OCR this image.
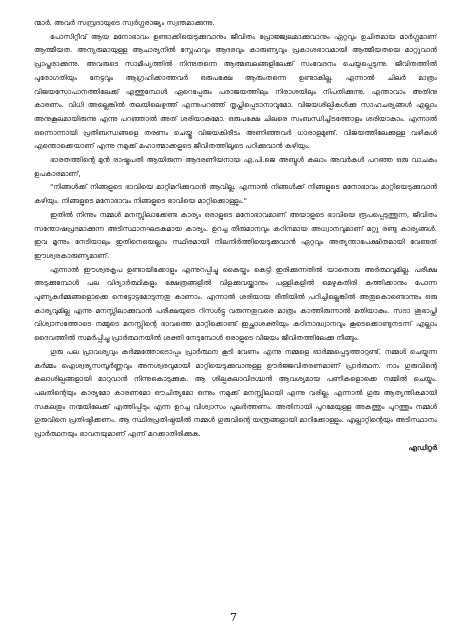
ന്മാർ. അവർ സമ്പ്രദായുടെ സ്വർഗ്ഗരാജ്യം സ്വന്തമാക്കുന്നു.

പോസിറ്റീവ് ആയ മനോഭാവം ഉണ്ടാക്കിയെടുക്കുവാനും ജീവിതം പ്രോജ്ജ്വലമാക്കുവാനും ഏറ്റവും ഉചിതമായ മാർഗ്ഗമാണ് ആത്മീയത. അന്യരുമായുള്ള ആചാര്യനിൽ സ്നേഹവും ആദരവും കാരുണ്യവും പ്രകാശഭാവമായി ആത്മീയതയെ മാറ്റുവാൻ പ്രാപ്തരാക്കുന്നു. അവരുടെ സാമീപ്യത്തിൽ നിന്നുതന്നെ ആത്മബലങ്ങളിലേക്ക് സംവേദനം ചെയ്യപ്പെടുന്നു. ജീവിതത്തിൽ പുരോഗതിയും നേട്ടവും ആഗ്രഹിക്കാത്തവർ ഒരുപക്ഷേ ആരുംതന്നെ ഉണ്ടാകില്ല. എന്നാൽ ചിലർ മാത്രം വിജയസോപാനത്തിലേക്ക് എത്തുമ്പോൾ ഏറെപ്പേരും പരാജയത്തിലും നിരാശയിലും നിപതിക്കുന്നു. എന്താവാം അതിനു കാരണം. വിധി അല്ലെങ്കിൽ തലയിലെഴുത്ത് എന്നുപറഞ്ഞ് തൃപ്തിപ്പെടാനാവുമോ. വിജയശില്പികൾക്കു സാഹചര്യങ്ങൾ എല്ലാം അനുകൂലമായിരുന്നു എന്നു പറഞ്ഞാൽ അത് ശരിയാകുമോ. ഒരുപക്ഷേ ചിലരെ സംബന്ധിച്ചിടത്തോളം ശരിയാകാം. എന്നാൽ ഒന്നൊന്നായി പ്രതിബന്ധങ്ങളെ തരണം ചെയ്തു വിജയകിരീടം അണിഞ്ഞവർ ധാരാളമുണ്ട്. വിജയത്തിലേക്കുള്ള വഴികൾ എന്തൊക്കെയാണ് എന്നു നമുക്ക് മഹാത്മാക്കളുടെ ജീവിതത്തിലൂടെ പഠിക്കുവാൻ കഴിയും.

ഭാരതത്തിന്റെ മുൻ രാഷ്ട്രപതി ആയിരുന്ന ആദരണീയനായ എ.പി.ജെ അബ്ദുൾ കലാം അവർകൾ പറഞ്ഞ ഒരു വാചകം ഉപകാരമാണ്,

"നിങ്ങൾക്ക് നിങ്ങളുടെ ഭാവിയെ മാറ്റിമറിക്കുവാൻ ആവില്ല. എന്നാൽ നിങ്ങൾക്ക് നിങ്ങളുടെ മനോഭാവം മാറ്റിയെടുക്കുവാൻ കഴിയും. നിങ്ങളുടെ മനോഭാവം നിങ്ങളുടെ ഭാവിയെ മാറ്റിക്കൊള്ളും."

ഇതിൽ നിന്നും നമ്മൾ മനസ്സിലാക്കേണ്ട കാര്യം ഒരാളുടെ മനോഭാവമാണ് അയാളുടെ ഭാവിയെ രൂപപ്പെടുത്തുന്ന, ജീവിതം സന്തോഷപ്രദമാക്കുന്ന അടിസ്ഥാനഘടകമായ കാര്യം. ഉറച്ച തീരുമാനവും കഠിനമായ അധ്വാനവുമാണ് മറ്റു രണ്ടു കാര്യങ്ങൾ. ഇവ മൂന്നും നേടിയാലും ഇതിനെയെല്ലാം സ്ഥിരമായി നിലനിർത്തിയെടുക്കുവാൻ ഏറ്റവും അത്യന്താപേക്ഷിതമായി വേണ്ടത് ഈശ്വരകാരുണ്യമാണ്.

എന്നാൽ ഈശ്വരകൃപ ഉണ്ടായിക്കോളും എന്നുറപ്പിച്ചു കൈയ്യും കെട്ടി ഇരിക്കുന്നതിൽ യാതൊരു അർത്ഥവുമില്ല. പരീക്ഷ അടുക്കുമ്പോൾ പല വിദ്യാർത്ഥികളും ക്ഷേത്രങ്ങളിൽ വിളക്കുവയ്ക്കാനും പള്ളികളിൽ മെഴുകുതിരി കത്തിക്കാനും പോന്ന പുണ്യകർമ്മങ്ങളൊക്കെ നെട്ടോട്ടമോടുന്നതു കാണാം. എന്നാൽ ശരിയായ രീതിയിൽ പഠിച്ചില്ലെങ്കിൽ അതുകൊണ്ടൊന്നും ഒരു കാര്യവുമില്ല എന്നു മനസ്സിലാക്കുവാൻ പരീക്ഷയുടെ റിസൾട്ടു വരുന്നതുവരെ മാത്രം കാത്തിരുന്നാൽ മതിയാകും. സദാ ശുഭാപ്തി വിശ്വാസത്തോടെ നമ്മുടെ മനസ്സിന്റെ ഭാവത്തെ മാറ്റിക്കൊണ്ട് ഇച്ഛാശക്തിയും കഠിനാദ്ധ്വാനവും കൂടെക്കൊണ്ടുനടന്ന് എല്ലാം ദൈവത്തിൽ സമർപ്പിച്ചു പ്രാർത്ഥനയിൽ ശക്തി നേടുമ്പോൾ ഒരാളുടെ വിജയം ജീവിതത്തിലേക്കു നീങ്ങും.

ഗുരു പല പ്രാവശ്യവും കർമ്മത്തോടൊപ്പം പ്രാർത്ഥന കൂടി വേണം എന്നു നമ്മളെ ഓർമ്മപ്പെടുത്താറുണ്ട്. നമ്മൾ ചെയ്യുന്ന കർമ്മം ഐശ്വര്യസമ്പൂർണ്ണവും അനശ്വരവുമായി മാറ്റിയെടുക്കുവാനുള്ള ഊർജ്ജവിതരണമാണ് പ്രാർത്ഥന. നാം ഗുരുവിന്റെ കലാശില്പങ്ങളായി മാറുവാൻ നിന്നുകൊടുക്കുക. ആ ശില്പകലാവിദഗ്ദ്ധൻ ആവശ്യമായ പണികളൊക്കെ നമ്മിൽ ചെയ്യും. പലതിന്റെയും കാര്യമോ കാരണമോ ഔചിത്യമോ ഒന്നും നമുക്ക് മനസ്സിലായി എന്നു വരില്ല. എന്നാൽ ഗുരു ആത്യന്തികമായി സകലതും നന്മയിലേക്ക് എത്തിപ്പിടും എന്ന ഉറച്ച വിശ്വാസം പുലർത്തണം. അതിനായി പുറമേയുള്ള അകത്തും പുറത്തും നമ്മൾ ഗുരുവിനെ പ്രതിഷ്ഠിക്കണം. ആ സ്ഥിരപ്രതിഷ്ഠയിൽ നമ്മൾ ഗുരുവിന്റെ യന്ത്രങ്ങളായി മാറിക്കോള്ളും. എല്ലാറ്റിന്റെയും അടിസ്ഥാനം പ്രാർത്ഥനയും ഭാവനയുമാണ് എന്ന് മറക്കാതിരിക്കുക.

എഡിറ്റർ

7
